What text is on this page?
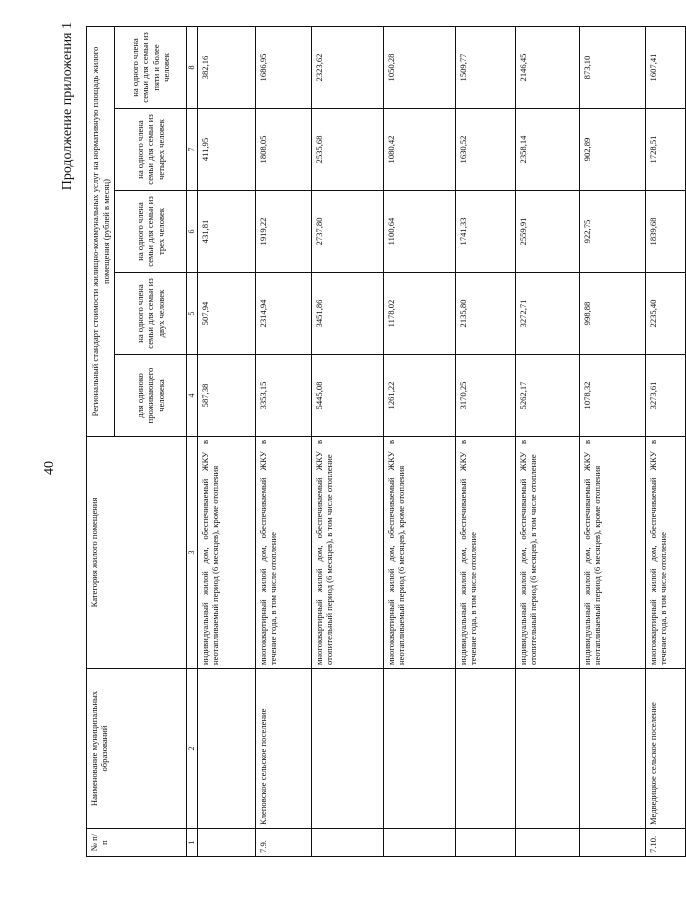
40
Продолжение приложения 1
№ п/п	Наименование муниципальных образований	Категория жилого помещения	Региональный стандарт стоимости жилищно-коммунальных услуг на нормативную площадь жилого помещения (рублей в месяц)				
			для одиноко проживающего человека	на одного члена семьи для семьи из двух человек	на одного члена семьи для семьи из трех человек	на одного члена семьи для семьи из четырех человек	на одного члена семьи для семьи из пяти и более человек
1	2	3	4	5	6	7	8
		индивидуальный жилой дом, обеспечиваемый ЖКУ в неотапливаемый период (6 месяцев), кроме отопления	587,38	507,94	431,81	411,95	382,16
7.9.	Клеповское сельское поселение	многоквартирный жилой дом, обеспечиваемый ЖКУ в течение года, в том числе отопление	3353,15	2314,94	1919,22	1808,05	1686,95
		многоквартирный жилой дом, обеспечиваемый ЖКУ в отопительный период (6 месяцев), в том числе отопление	5445,08	3451,86	2737,80	2535,68	2323,62
		многоквартирный жилой дом, обеспечиваемый ЖКУ в неотапливаемый период (6 месяцев), кроме отопления	1261,22	1178,02	1100,64	1080,42	1050,28
		индивидуальный жилой дом, обеспечиваемый ЖКУ в течение года, в том числе отопление	3170,25	2135,80	1741,33	1630,52	1509,77
		индивидуальный жилой дом, обеспечиваемый ЖКУ в отопительный период (6 месяцев), в том числе отопление	5262,17	3272,71	2559,91	2358,14	2146,45
		индивидуальный жилой дом, обеспечиваемый ЖКУ в неотапливаемый период (6 месяцев), кроме отопления	1078,32	998,88	922,75	902,89	873,10
7.10.	Медведицкое сельское поселение	многоквартирный жилой дом, обеспечиваемый ЖКУ в течение года, в том числе отопление	3273,61	2235,40	1839,68	1728,51	1607,41
